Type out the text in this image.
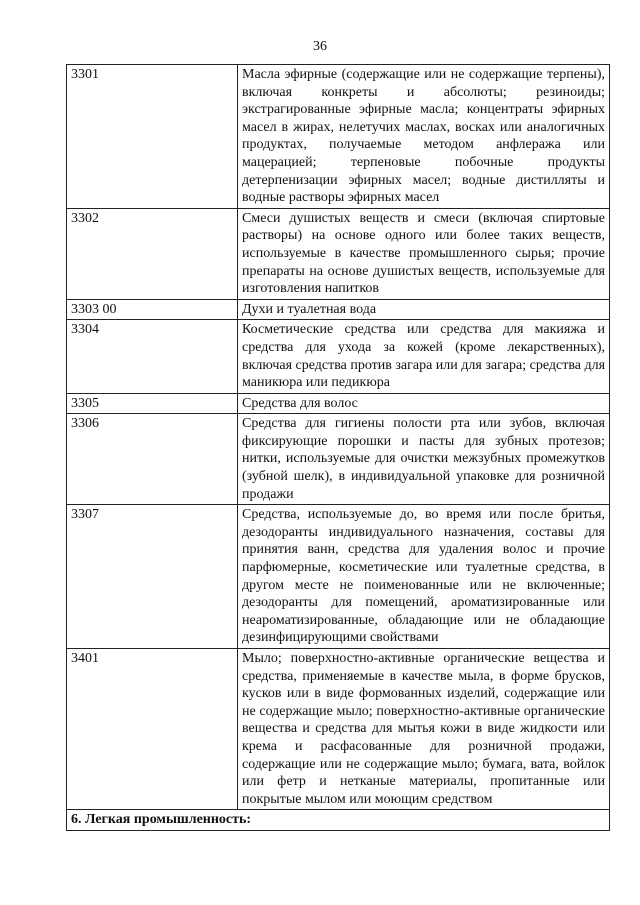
36
3301	Масла эфирные (содержащие или не содержащие терпены), включая конкреты и абсолюты; резиноиды; экстрагированные эфирные масла; концентраты эфирных масел в жирах, нелетучих маслах, восках или аналогичных продуктах, получаемые методом анфлеража или мацерацией; терпеновые побочные продукты детерпенизации эфирных масел; водные дистилляты и водные растворы эфирных масел
3302	Смеси душистых веществ и смеси (включая спиртовые растворы) на основе одного или более таких веществ, используемые в качестве промышленного сырья; прочие препараты на основе душистых веществ, используемые для изготовления напитков
3303 00	Духи и туалетная вода
3304	Косметические средства или средства для макияжа и средства для ухода за кожей (кроме лекарственных), включая средства против загара или для загара; средства для маникюра или педикюра
3305	Средства для волос
3306	Средства для гигиены полости рта или зубов, включая фиксирующие порошки и пасты для зубных протезов; нитки, используемые для очистки межзубных промежутков (зубной шелк), в индивидуальной упаковке для розничной продажи
3307	Средства, используемые до, во время или после бритья, дезодоранты индивидуального назначения, составы для принятия ванн, средства для удаления волос и прочие парфюмерные, косметические или туалетные средства, в другом месте не поименованные или не включенные; дезодоранты для помещений, ароматизированные или неароматизированные, обладающие или не обладающие дезинфицирующими свойствами
3401	Мыло; поверхностно-активные органические вещества и средства, применяемые в качестве мыла, в форме брусков, кусков или в виде формованных изделий, содержащие или не содержащие мыло; поверхностно-активные органические вещества и средства для мытья кожи в виде жидкости или крема и расфасованные для розничной продажи, содержащие или не содержащие мыло; бумага, вата, войлок или фетр и нетканые материалы, пропитанные или покрытые мылом или моющим средством
6. Легкая промышленность:	
